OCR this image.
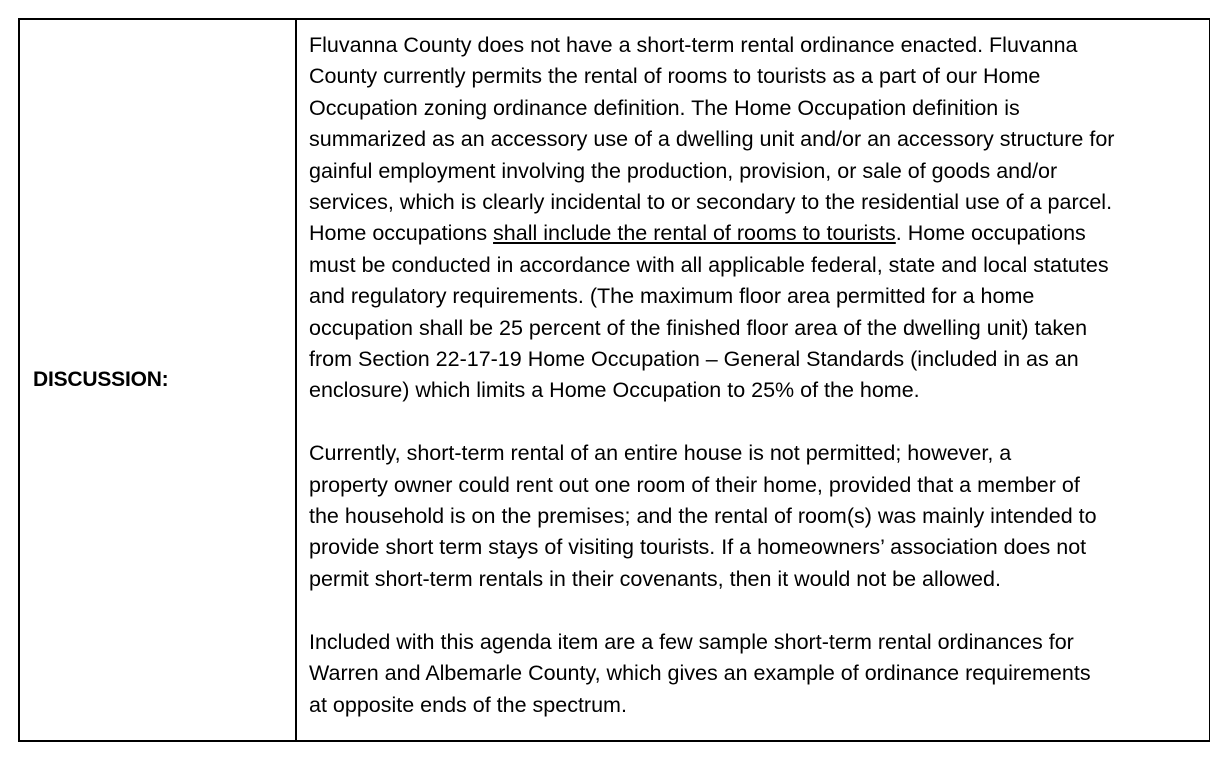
DISCUSSION:

Fluvanna County does not have a short-term rental ordinance enacted. Fluvanna
County currently permits the rental of rooms to tourists as a part of our Home
Occupation zoning ordinance definition. The Home Occupation definition is
summarized as an accessory use of a dwelling unit and/or an accessory structure for
gainful employment involving the production, provision, or sale of goods and/or
services, which is clearly incidental to or secondary to the residential use of a parcel.
Home occupations shall include the rental of rooms to tourists. Home occupations
must be conducted in accordance with all applicable federal, state and local statutes
and regulatory requirements. (The maximum floor area permitted for a home
occupation shall be 25 percent of the finished floor area of the dwelling unit) taken
from Section 22-17-19 Home Occupation – General Standards (included in as an
enclosure) which limits a Home Occupation to 25% of the home.

Currently, short-term rental of an entire house is not permitted; however, a
property owner could rent out one room of their home, provided that a member of
the household is on the premises; and the rental of room(s) was mainly intended to
provide short term stays of visiting tourists. If a homeowners’ association does not
permit short-term rentals in their covenants, then it would not be allowed.

Included with this agenda item are a few sample short-term rental ordinances for
Warren and Albemarle County, which gives an example of ordinance requirements
at opposite ends of the spectrum.
